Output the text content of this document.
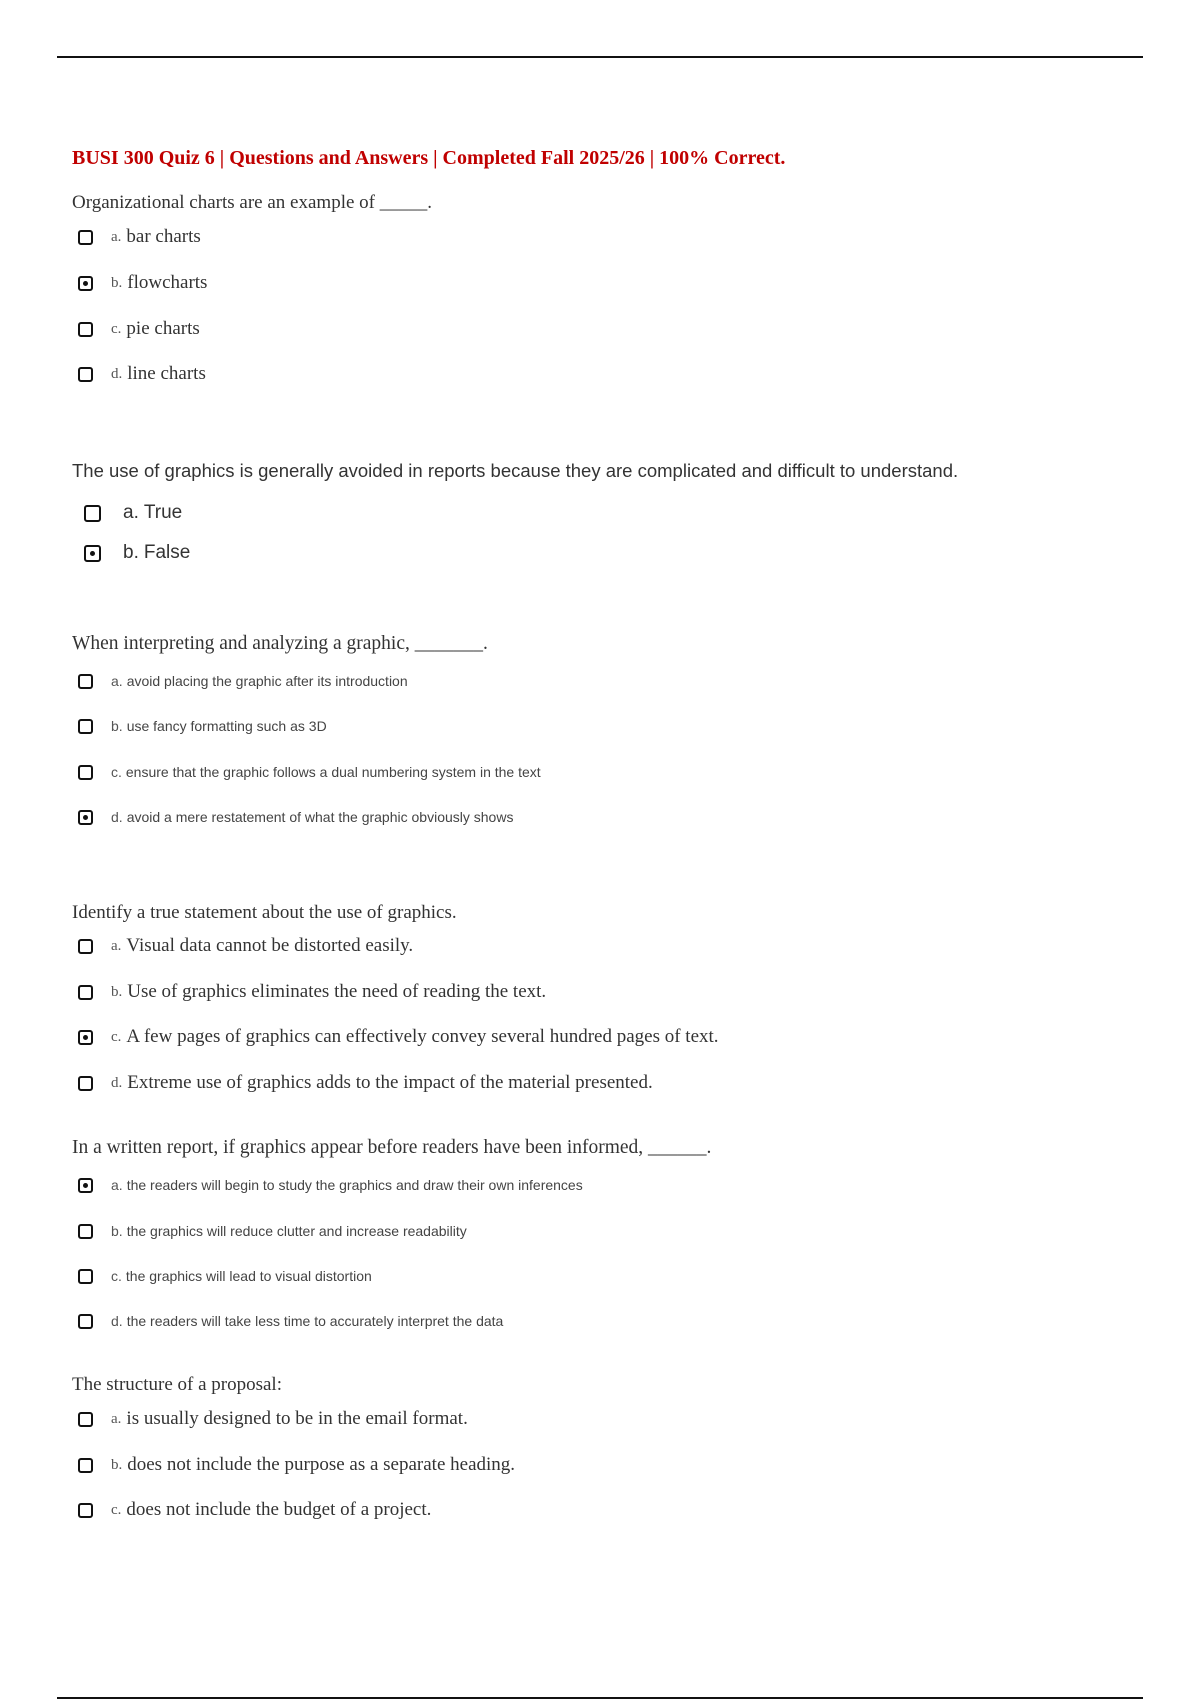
BUSI 300 Quiz 6 | Questions and Answers | Completed Fall 2025/26 | 100% Correct.
Organizational charts are an example of _____.
a. bar charts
b. flowcharts
c. pie charts
d. line charts
The use of graphics is generally avoided in reports because they are complicated and difficult to understand.
a. True
b. False
When interpreting and analyzing a graphic, _______.
a. avoid placing the graphic after its introduction
b. use fancy formatting such as 3D
c. ensure that the graphic follows a dual numbering system in the text
d. avoid a mere restatement of what the graphic obviously shows
Identify a true statement about the use of graphics.
a. Visual data cannot be distorted easily.
b. Use of graphics eliminates the need of reading the text.
c. A few pages of graphics can effectively convey several hundred pages of text.
d. Extreme use of graphics adds to the impact of the material presented.
In a written report, if graphics appear before readers have been informed, ______.
a. the readers will begin to study the graphics and draw their own inferences
b. the graphics will reduce clutter and increase readability
c. the graphics will lead to visual distortion
d. the readers will take less time to accurately interpret the data
The structure of a proposal:
a. is usually designed to be in the email format.
b. does not include the purpose as a separate heading.
c. does not include the budget of a project.
